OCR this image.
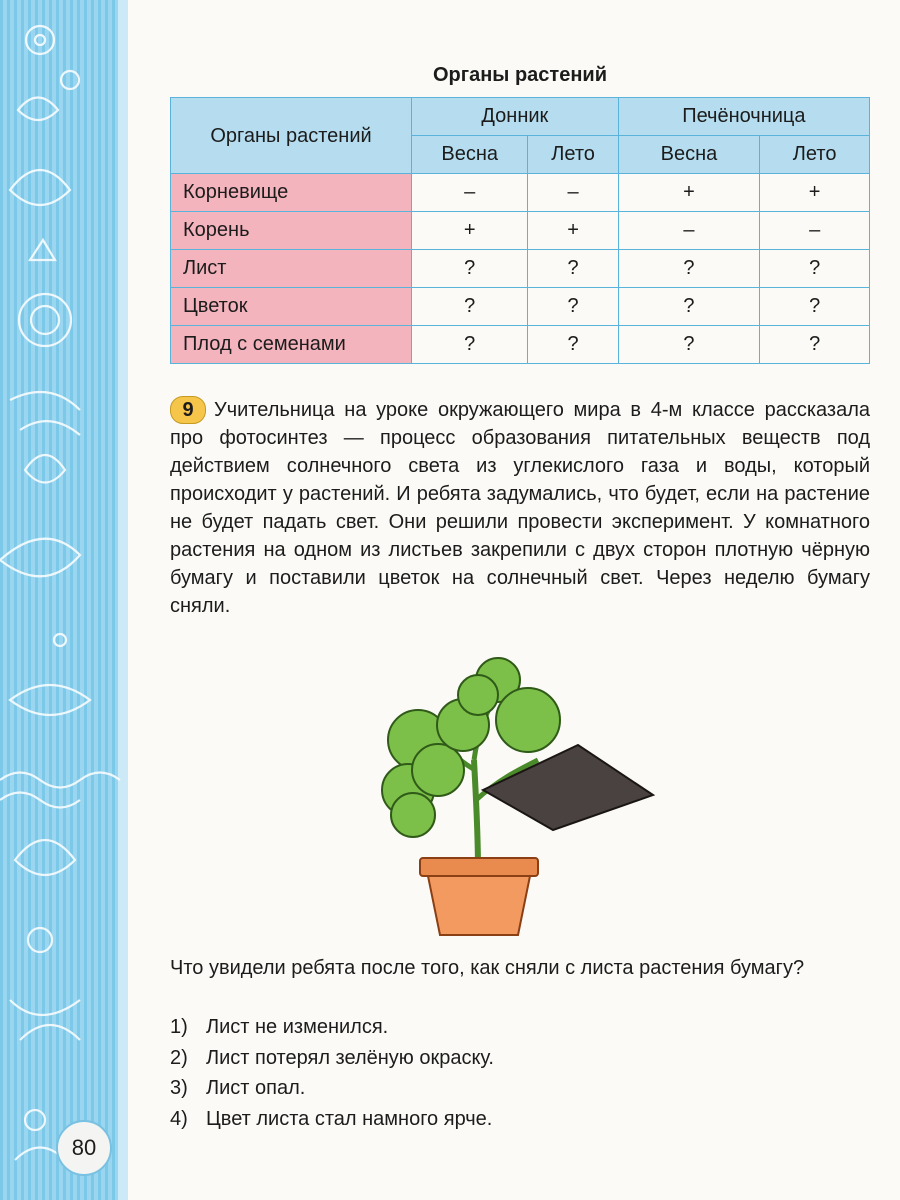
80
Органы растений
Органы растений	Донник		Печёночница	
	Весна	Лето	Весна	Лето
Корневище	–	–	+	+
Корень	+	+	–	–
Лист	?	?	?	?
Цветок	?	?	?	?
Плод с семенами	?	?	?	?
9 Учительница на уроке окружающего мира в 4-м классе рассказала про фотосинтез — процесс образования питательных веществ под действием солнечного света из углекислого газа и воды, который происходит у растений. И ребята задумались, что будет, если на растение не будет падать свет. Они решили провести эксперимент. У комнатного растения на одном из листьев закрепили с двух сторон плотную чёрную бумагу и поставили цветок на солнечный свет. Через неделю бумагу сняли.
Что увидели ребята после того, как сняли с листа растения бумагу?
1) Лист не изменился.
2) Лист потерял зелёную окраску.
3) Лист опал.
4) Цвет листа стал намного ярче.
